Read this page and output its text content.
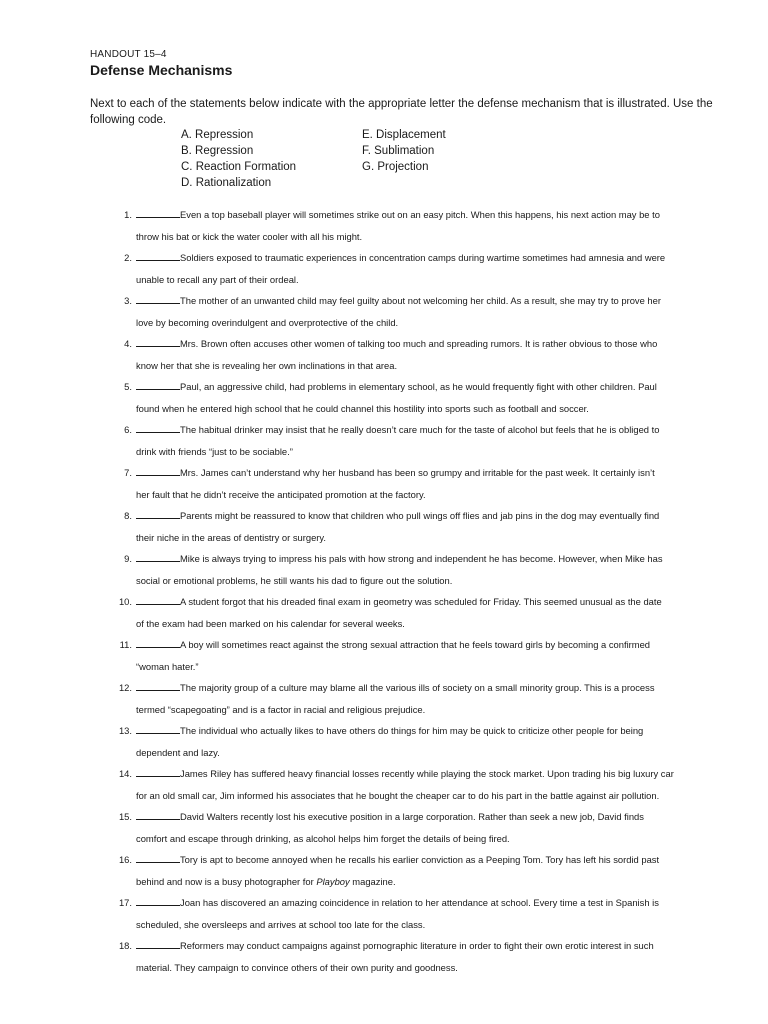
HANDOUT 15–4
Defense Mechanisms
Next to each of the statements below indicate with the appropriate letter the defense mechanism that is illustrated. Use the following code.
A. Repression
B. Regression
C. Reaction Formation
D. Rationalization
E. Displacement
F. Sublimation
G. Projection
1.	Even a top baseball player will sometimes strike out on an easy pitch. When this happens, his next action may be to
throw his bat or kick the water cooler with all his might.
2.	Soldiers exposed to traumatic experiences in concentration camps during wartime sometimes had amnesia and were
unable to recall any part of their ordeal.
3.	The mother of an unwanted child may feel guilty about not welcoming her child. As a result, she may try to prove her
love by becoming overindulgent and overprotective of the child.
4.	Mrs. Brown often accuses other women of talking too much and spreading rumors. It is rather obvious to those who
know her that she is revealing her own inclinations in that area.
5.	Paul, an aggressive child, had problems in elementary school, as he would frequently fight with other children. Paul
found when he entered high school that he could channel this hostility into sports such as football and soccer.
6.	The habitual drinker may insist that he really doesn’t care much for the taste of alcohol but feels that he is obliged to
drink with friends “just to be sociable.”
7.	Mrs. James can’t understand why her husband has been so grumpy and irritable for the past week. It certainly isn’t
her fault that he didn’t receive the anticipated promotion at the factory.
8.	Parents might be reassured to know that children who pull wings off flies and jab pins in the dog may eventually find
their niche in the areas of dentistry or surgery.
9.	Mike is always trying to impress his pals with how strong and independent he has become. However, when Mike has
social or emotional problems, he still wants his dad to figure out the solution.
10.	A student forgot that his dreaded final exam in geometry was scheduled for Friday. This seemed unusual as the date
of the exam had been marked on his calendar for several weeks.
11.	A boy will sometimes react against the strong sexual attraction that he feels toward girls by becoming a confirmed
“woman hater.”
12.	The majority group of a culture may blame all the various ills of society on a small minority group. This is a process
termed “scapegoating” and is a factor in racial and religious prejudice.
13.	The individual who actually likes to have others do things for him may be quick to criticize other people for being
dependent and lazy.
14.	James Riley has suffered heavy financial losses recently while playing the stock market. Upon trading his big luxury car
for an old small car, Jim informed his associates that he bought the cheaper car to do his part in the battle against air pollution.
15.	David Walters recently lost his executive position in a large corporation. Rather than seek a new job, David finds
comfort and escape through drinking, as alcohol helps him forget the details of being fired.
16.	Tory is apt to become annoyed when he recalls his earlier conviction as a Peeping Tom. Tory has left his sordid past
behind and now is a busy photographer for Playboy magazine.
17.	Joan has discovered an amazing coincidence in relation to her attendance at school. Every time a test in Spanish is
scheduled, she oversleeps and arrives at school too late for the class.
18.	Reformers may conduct campaigns against pornographic literature in order to fight their own erotic interest in such
material. They campaign to convince others of their own purity and goodness.
